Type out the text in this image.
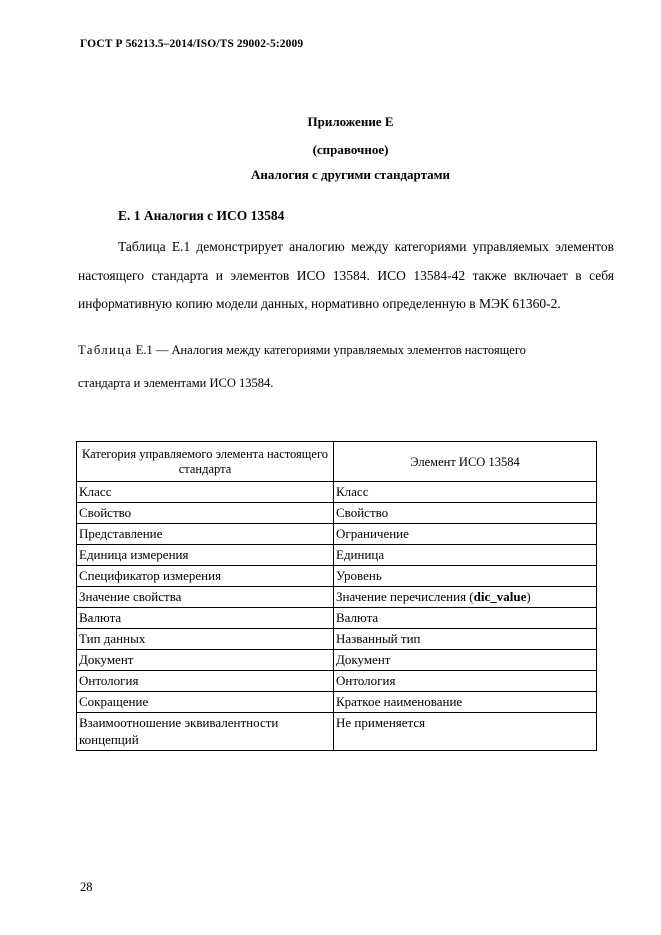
ГОСТ Р 56213.5–2014/ISO/TS 29002-5:2009
Приложение Е
(справочное)
Аналогия с другими стандартами
Е. 1 Аналогия с ИСО 13584
Таблица Е.1 демонстрирует аналогию между категориями управляемых элементов настоящего стандарта и элементов ИСО 13584. ИСО 13584-42 также включает в себя информативную копию модели данных, нормативно определенную в МЭК 61360-2.
Таблица Е.1 — Аналогия между категориями управляемых элементов настоящего
стандарта и элементами ИСО 13584.
Категория управляемого элемента настоящего стандарта	Элемент ИСО 13584
Класс	Класс
Свойство	Свойство
Представление	Ограничение
Единица измерения	Единица
Спецификатор измерения	Уровень
Значение свойства	Значение перечисления (dic_value)
Валюта	Валюта
Тип данных	Названный тип
Документ	Документ
Онтология	Онтология
Сокращение	Краткое наименование
Взаимоотношение эквивалентности концепций	Не применяется
28
